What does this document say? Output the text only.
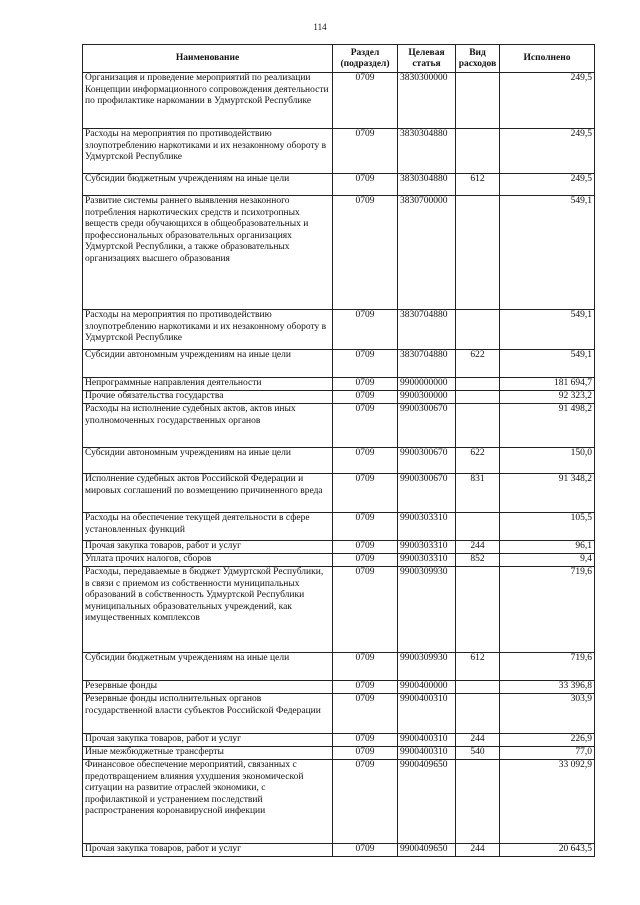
114
Наименование	Раздел (подраздел)	Целевая статья	Вид расходов	Исполнено
Организация и проведение мероприятий по реализации Концепции информационного сопровождения деятельности по профилактике наркомании в Удмуртской Республике	0709	3830300000		249,5
Расходы на мероприятия по противодействию злоупотреблению наркотиками и их незаконному обороту в Удмуртской Республике	0709	3830304880		249,5
Субсидии бюджетным учреждениям на иные цели	0709	3830304880	612	249,5
Развитие системы раннего выявления незаконного потребления наркотических средств и психотропных веществ среди обучающихся в общеобразовательных и профессиональных образовательных организациях Удмуртской Республики, а также образовательных организациях высшего образования	0709	3830700000		549,1
Расходы на мероприятия по противодействию злоупотреблению наркотиками и их незаконному обороту в Удмуртской Республике	0709	3830704880		549,1
Субсидии автономным учреждениям на иные цели	0709	3830704880	622	549,1
Непрограммные направления деятельности	0709	9900000000		181 694,7
Прочие обязательства государства	0709	9900300000		92 323,2
Расходы на исполнение судебных актов, актов иных уполномоченных государственных органов	0709	9900300670		91 498,2
Субсидии автономным учреждениям на иные цели	0709	9900300670	622	150,0
Исполнение судебных актов Российской Федерации и мировых соглашений по возмещению причиненного вреда	0709	9900300670	831	91 348,2
Расходы на обеспечение текущей деятельности в сфере установленных функций	0709	9900303310		105,5
Прочая закупка товаров, работ и услуг	0709	9900303310	244	96,1
Уплата прочих налогов, сборов	0709	9900303310	852	9,4
Расходы, передаваемые в бюджет Удмуртской Республики, в связи с приемом из собственности муниципальных образований в собственность Удмуртской Республики муниципальных образовательных учреждений, как имущественных комплексов	0709	9900309930		719,6
Субсидии бюджетным учреждениям на иные цели	0709	9900309930	612	719,6
Резервные фонды	0709	9900400000		33 396,8
Резервные фонды исполнительных органов государственной власти субъектов Российской Федерации	0709	9900400310		303,9
Прочая закупка товаров, работ и услуг	0709	9900400310	244	226,9
Иные межбюджетные трансферты	0709	9900400310	540	77,0
Финансовое обеспечение мероприятий, связанных с предотвращением влияния ухудшения экономической ситуации на развитие отраслей экономики, с профилактикой и устранением последствий распространения коронавирусной инфекции	0709	9900409650		33 092,9
Прочая закупка товаров, работ и услуг	0709	9900409650	244	20 643,5
